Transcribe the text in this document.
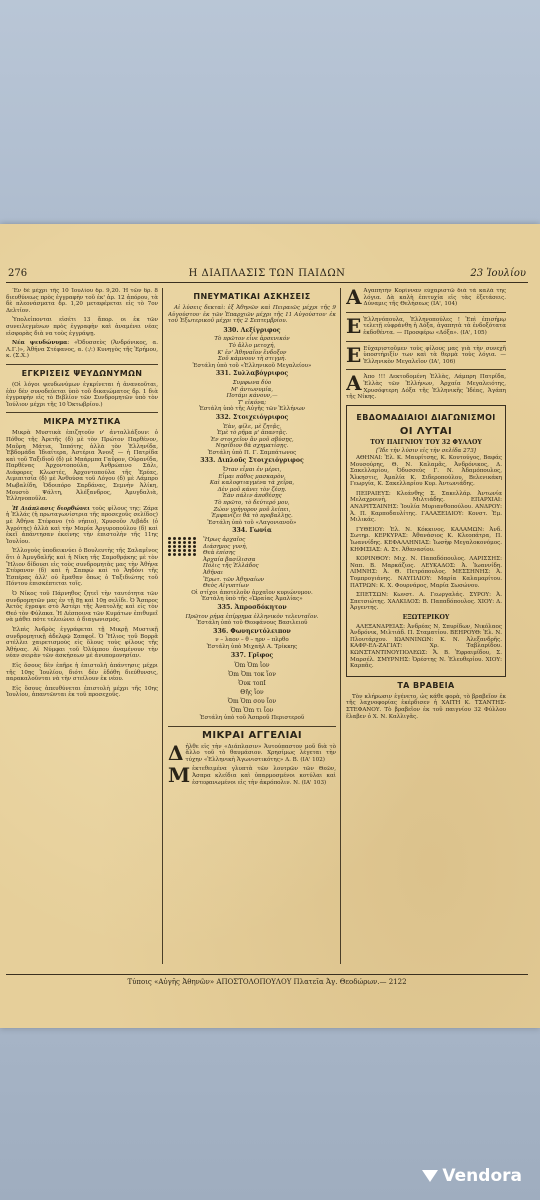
276	Η ΔΙΑΠΛΑΣΙΣ ΤΩΝ ΠΑΙΔΩΝ	23 Ἰουλίου

Ἕν δὲ μέχρι τῆς 10 Ἰουλίου δρ. 9,20. Ἡ τῶν δρ. 8 διευθύνεως πρὸς ἐγγραφὴν τοῦ ἐκ' ἀρ. 12 ἀπόρου, τὰ δὲ πλεονάσματα δρ. 1,20 μεταφέρεται εἰς τὸ 7ον Δελτίον.

Ὑπολείπονται εἰσέτι 13 ἄπορ. οι ἐκ τῶν συνειλεγμένων πρὸς ἐγγραφὴν καὶ ἀναμένει νέας εἰσφορὰς διὰ να τοὺς ἐγγράψῃ.

Νέα ψευδώνυμα: «Ὀδυσσεὺς (Ἀνδρόνικος, α. Λ.Γ.)», Ἀθήνα Στέφανος, α. (:/:) Κυνηγὸς τῆς Ἐρήμου, κ. (Σ.Χ.)

ΕΓΚΡΙΣΕΙΣ ΨΕΥΔΩΝΥΜΩΝ

(Οἱ λόγοι ψευδωνύμων ἐγκρίνεται ἡ ἀνανεοῦται, ἐὰν δὲν συνοδεύεται ὑπὸ τοῦ δικαιώματος δρ. 1 διὰ ἐγγραφὴν εἰς τὸ Βιβλίον τῶν Συνδρομητῶν ὑπὸ τὸν Ἰούλιον μέχρι τῆς 10 Ὀκτωβρίου.)

ΜΙΚΡΑ ΜΥΣΤΙΚΑ

Μικρὰ Μυστικὰ ἐπιζητοῦν ν' ἀνταλλάξουν: ὁ Πόθος τῆς Ἀρετῆς (δ) μὲ τὸν Πρώτον Παρθένον, Μαῦρη Μάτια, Ἰππότης ἀλλὰ τὸν Ἐλληνίδα, Ἐβδομάδα Ἰδιαίτερα, Ἀστέρια Ἄνοιξ — ἡ Πατρίδα καὶ τοῦ Ταξιδιοῦ (δ) μὲ Μπάρμπα Γαῦρον, Οὐρανίδα, Παρθένας Ἀρχοντοπούλα, Ἀνθρώπινο Σάλι, Διάφορες Κλωστές, Ἀρχοντοπούλα τῆς Ἐρέας, Λιμιπιτσία (δ) μὲ Ἀνθούσα τοῦ Λόγου (δ) μὲ Λάμπρο Μωβαλίδη, Ὀδοιπόρο Σαρδάνας, Σεμνὴν Ἀλίκη, Μουστὸ Ψάλτη, Ἀλέξανδρος, Ἀμυγδαλιὰ, Ἐλληνοποῦλα.

Ἡ Διάπλασις διορθώνει τοὺς φίλους της: Ζάρα ἡ Ἑλλάς (ἡ πρωταγωνίστρια τῆς προσεχοῦς σελίδος) μὲ Ἀθήνα Στέφανο (τὸ νήπιο), Χρυσοῦν Λιβάδι (ὁ Ἀγρότης) ἀλλὰ καὶ τὴν Μαρία Ἀργυροπούλου (δ) καὶ ἐκεῖ ἀπάντησαν ἐκείνης τὴν ἐπιστολὴν τῆς 11ης Ἰουλίου.

Ἐλλογοὺς ὑποδεικνύει ὁ Βουλευτὴς τῆς Σαλαμῖνος ὅτι ὁ Ἀμυγδαλῆς καὶ ἡ Νίκη τῆς Σαμοθρᾴκης μὲ τὸν Ἥλιον δίδουσι εἰς τοὺς συνδρομητὰς μας τὴν Ἀθήνα Στέφανον (δ) καὶ ἡ Σαπφὼ καὶ τὸ Ἀηδόνι τῆς Ἑσπέρας ἀλλ' οὐ ἔμαθαν ὅπως ὁ Ταξιδιώτης τοῦ Πόντου ἐπισκέπτεται τοῖς.

Ὁ Νίκος τοῦ Πάρνηθος ζητεῖ τὴν ταυτότητα τῶν συνδρομητῶν μας ἐν τῇ 8ῃ καὶ 10ῃ σελίδι. Ὁ Ἄσπρος Ἀετὸς ἔγραψε στὸ Ἀστέρι τῆς Ἀνατολῆς καὶ εἰς τὸν Θεό τὸν Φύλακα. Ἡ Δέσποινα τῶν Κυμάτων ἐπιθυμεῖ νὰ μάθει πότε τελειώνει ὁ διαγωνισμός.

Ἐλπὶς Ἀνδρὸς ἐγγράφεται τῇ Μικρῇ Μυστικῇ συνδρομητικῇ ἀδελφῷ Σαπφοῖ. Ὁ Ἥλιος τοῦ Βορρᾶ στέλλει χαιρετισμοὺς εἰς ὅλους τοὺς φίλους τῆς Ἀθήνας. Αἱ Νύμφαι τοῦ Ὀλύμπου ἀναμένουν τὴν νέαν σειρὰν τῶν ἀσκήσεων μὲ ἀνυπομονησίαν.

Εἰς ὅσους δὲν ἐπῆρε ἡ ἐπιστολὴ ἀπάντησις μέχρι τῆς 10ης Ἰουλίου, διότι δὲν ἐδόθη διεύθυνσις, παρακαλοῦνται νὰ τὴν στείλουν ἐκ νέου.

Εἰς ὅσους ἀπευθύνεται ἐπιστολὴ μέχρι τῆς 10ης Ἰουλίου, ἀπαντῶνται ἐκ τοῦ προσεχοῦς.

ΠΝΕΥΜΑΤΙΚΑΙ ΑΣΚΗΣΕΙΣ

Αἱ λύσεις δεκταὶ: ἐξ Ἀθηνῶν καὶ Πειραιῶς μέχρι τῆς 9 Αὐγούστου· ἐκ τῶν Ἐπαρχιῶν μέχρι τῆς 11 Αὐγούστου· ἐκ τοῦ Ἐξωτερικοῦ μέχρι τῆς 2 Σεπτεμβρίου.

330. Λεξίγριφος
Τὸ πρῶτον εἶνε ἀρσενικόν
Τὸ ἄλλο μετοχή,
Κ' ἐν' Ἀθηναῖον ἔνδοξον
Σοῦ κάμνουν τὴ στιγμή.
Ἐστάλη ὑπὸ τοῦ «Ἑλληνικοῦ Μεγαλείου»
331. Συλλαβόγριφος
Συμφωνα δύο
Μ' ἀντωνυμία,
Ποτάμι κάνουν,—
Τ' εἰκόνα;
Ἐστάλη ὑπὸ τῆς Αὐγῆς τῶν Ἑλλήνων
332. Στοιχειόγριφος
Ἐὰν, φίλε, μὲ ζητᾷς,
Ἐμὲ τὸ ρῆμα μ' ἀπαντᾷς.
Ἐν στοιχεῖον ἂν μοῦ σβύσῃς,
Νησίδιον θὰ σχηματίσῃς.
Ἐστάλη ὑπὸ Π. Γ. Σαμπάτωνος
333. Διπλοῦς Στοιχειόγριφος
Ὅταν εἶμαι ἐν μέρει,
Εἶμαι πάθος μασκαρὸν,
Καὶ καλοφτιαγμένα τὰ χεῖρα,
Δὲν μοῦ κάνει τὸν ζέσῃ.
Ἐὰν πάλιν ἀποθέσῃς
Τὸ πρῶτο, τὸ δεύτερό μου,
Ζώον γρήγορον μοῦ λείπει,
Ἐμφανίζει θὰ τὸ προβαλλῃς.
Ἐστάλη ὑπὸ τοῦ «Λαγονιανοῦ»
334. Γωνία
Ἥρως ἀρχαῖος
Διάσημος γυνή,
Θεὰ ἐπίσης
Ἀρχαία βασίλισσα
Πόλις τῆς Ἑλλάδος
Ἀθῆναι
Ἔρωτ. τῶν Ἀθηναίων
Θεὸς Αἰγυπτίων
Οἱ στίχοι ἀποτελοῦν ἀρχαῖον κυριώνυμον.
Ἐστάλη ὑπὸ τῆς «Ὡραίας Ἀμαλίας»
335. Ἀπροσδόκητον
Πρῶτον ρήμα ἐπίρρημα ἐλληνικὸν τελευταῖον.
Ἐστάλη ὑπὸ τοῦ Θεοφάνους Βασιλειοῦ
336. Φωνηεντόλειπον
ν – λαον – θ – ηρν – πλρθο
Ἐστάλη ὑπὸ Μιχαὴλ Α. Τρίκκης
337. Γρῖφος
Ὁm Ὁm ἴον
Ὁm Ὁm τοκ ἴον
Ὁυκ τοπΙ
Θῆς ἴον
Ὁm Ὁm σου ἴον
Ὁm Ὁm τι ἴον
Ἐστάλη ὑπὸ τοῦ Ἀσπροῦ Περιστεροῦ
ΜΙΚΡΑΙ ΑΓΓΕΛΙΑΙ

Δἠλθε εἰς τὴν «Διάπλασιν» Ἀυτούπαστον μοῦ διὰ τὸ ἄλλο τοῦ τὸ θαυμάσιον. Χρησίμως λέγεται τὴν τύχην «Ἐλληνικὴ Ἀγωνιστικότης» Δ. Β. (ΙΑ' 102)

Μἐκτεθειμένα γλυπτὰ τῶν λουτρῶν τῶν Θεῶν, Ἀσπρα κλείδια καὶ ὑπαρμοσμένοι κοτύλαι καὶ ἐστεφανωμένοι εἰς τὴν ἀκρόπολιν. Ν. (ΙΑ' 103)

Α Ἀγαπητὴν Κορίνναν εὐχαριστῶ διὰ τὰ καλά της λόγια. Δὰ καλὴ ἐπιτυχία εἰς τὰς ἐξετάσεις. Δύναμις τῆς Θελήσεως (ΙΑ', 104)

Ε Ἑλληνόπουλα, Ἑλληνοπούλες ! Ἐπὶ ἐπισήμῳ τελετῇ εὐφράνθη ἡ Δόξα, ἀγαπητὰ τὰ ἐνδοξότατα ἐκδοθέντα. — Προσφέρω «Δόξα». (ΙΑ', 105)

Ε Εὐχαριστοῦμεν τοὺς φίλους μας γιὰ τὴν συνεχῆ ὑποστήριξίν των καὶ τὰ θερμὰ τοὺς λόγια. — Ἑλληνικὸν Μεγαλεῖον (ΙΑ', 106)

Α Ἀπο !!! Δεκτοδομένη Ἑλλὰς, Λάμπρη Πατρίδα, Ἑλλὰς τῶν Ἐλλήνων, Ἀρχαία Μεγαλειότης, Χρυσόφτερη Δόξα τῆς Ἑλληνικῆς Ἰδέας, Ἀγάπη τῆς Νίκης.

ΕΒΔΟΜΑΔΙΑΙΟΙ ΔΙΑΓΩΝΙΣΜΟΙ
ΟΙ ΛΥΤΑΙ
ΤΟΥ ΠΑΙΓΝΙΟΥ ΤΟΥ 32 ΦΥΛΛΟΥ
[Ἴδε τὴν λύσιν εἰς τὴν σελίδα 273]

ΑΘΗΝΑΙ: Ἐλ. Κ. Μαυρίτσης, Κ. Κουτούγος, Βαφάς Μουσούρης, Θ. Ν. Καλαμᾶς, Ἀνδρόνικος, Δ. Σακελλαρίου, Ὀδυσσεὺς Γ. Ν. Ἀδαμόπουλος, Ἄλκηστις, Ἀμαλία Κ. Σιδεροπούλου, Βελενικάκη Γεωργία, Κ. Σακελλαρίου Κυρ. Ἀντωνιάδης.

ΠΕΙΡΑΙΕΥΣ: Κλεάνθης Σ. Σακελλάρ. Ἀντωνία Μελαχροινὴ, Μιλτιάδης. ΕΠΑΡΧΙΑΙ: ΑΝΔΡΙΤΣΑΙΝΗΣ: Ἰουλία Μυριανθοπούλου. ΑΝΔΡΟΥ: Ἀ. Π. Καρποδαυλίτης. ΓΑΛΑΞΕΙΔΙΟΥ: Κονστ. Ἐμ. Μιλικάς.

ΓΥΘΕΙΟΥ: Ἐλ. Ν. Κόκκινος. ΚΑΛΑΜΩΝ: Ἀνδ. Σωτηρ. ΚΕΡΚΥΡΑΣ: Ἀθανάσιος Κ. Κλεοπάτρα, Π. Ἰωαννίδης. ΚΕΦΑΛΛΗΝΙΑΣ: Ἰωσὴφ Μεγαλοκονόμος. ΚΗΦΙΣΙΑΣ: Α. Στ. Ἀθανασίου.

ΚΟΡΙΝΘΟΥ: Μιχ. Ν. Παπαδόπουλος. ΛΑΡΙΣΣΗΣ: Ναπ. Β. Μαρκάζιος. ΛΕΥΚΑΔΟΣ: Ἀ. Ἰωαννίδη. ΛΙΜΝΗΣ: Ἀ. Θ. Πετρόπουλος. ΜΕΣΣΗΝΗΣ: Ἀ. Τομπρογιάνης. ΝΑΥΠΛΙΟΥ: Μαρία Καλαμαρίτου. ΠΑΤΡΩΝ: Κ. Χ. Φουρνάρος, Μαρία Σωσώνου.

ΣΠΕΤΣΩΝ: Κωνστ. Α. Γεωργαλάς. ΣΥΡΟΥ: Ἀ. Σπετσιώτης. ΧΑΛΚΙΔΟΣ: Β. Παπαδόπουλος. ΧΙΟΥ: Δ. Ἀργεντης.

ΕΞΩΤΕΡΙΚΟΥ

ΑΛΕΞΑΝΔΡΕΙΑΣ: Ἀνδρέας Ν. Σπυρίδων, Νικόλαος Ἀνδρόνικ, Μιλτιάδ. Π. Σταματίου. ΒΕΗΡΟΥΘ: Ἐλ. Ν. Πλουτάρχου. ΙΩΑΝΝΙΝΩΝ: Κ. Ν. Ἀλεξανδρῆς. ΚΑΦΡ-ΕΛ-ΖΑΓΙΑΤ: Χρ. Ταβλαρίδου. ΚΩΝΣΤΑΝΤΙΝΟΥΠΟΛΕΩΣ: Ἄ. Β. Ἐφραιμίδου, Σ. Μαρσέλ. ΣΜΥΡΝΗΣ: Ὀρέστης Ν. Ἐλευθερίου. ΧΙΟΥ: Καρπᾶς.

ΤΑ ΒΡΑΒΕΙΑ

Τὸν κλήρωσιν ἐγένετο, ὡς κάθε φορὰ, τὸ βραβεῖον ἐκ τῆς λαχνοφορίας ἐκέρδισεν ἡ ΧΑΙΤΗ Κ. ΤΣΑΝΤΗΣ-ΣΤΕΦΑΝΟΥ. Τὸ βραβεῖον ἐκ τοῦ παιγνίου 32 Φύλλου ἔλαβεν ὁ Χ. Ν. Καλλιγᾶς.

Τύποις «Αὐγῆς Ἀθηνῶν» ΑΠΟΣΤΟΛΟΠΟΥΛΟΥ Πλατεῖα Ἁγ. Θεοδώρων.— 2122
Vendora
